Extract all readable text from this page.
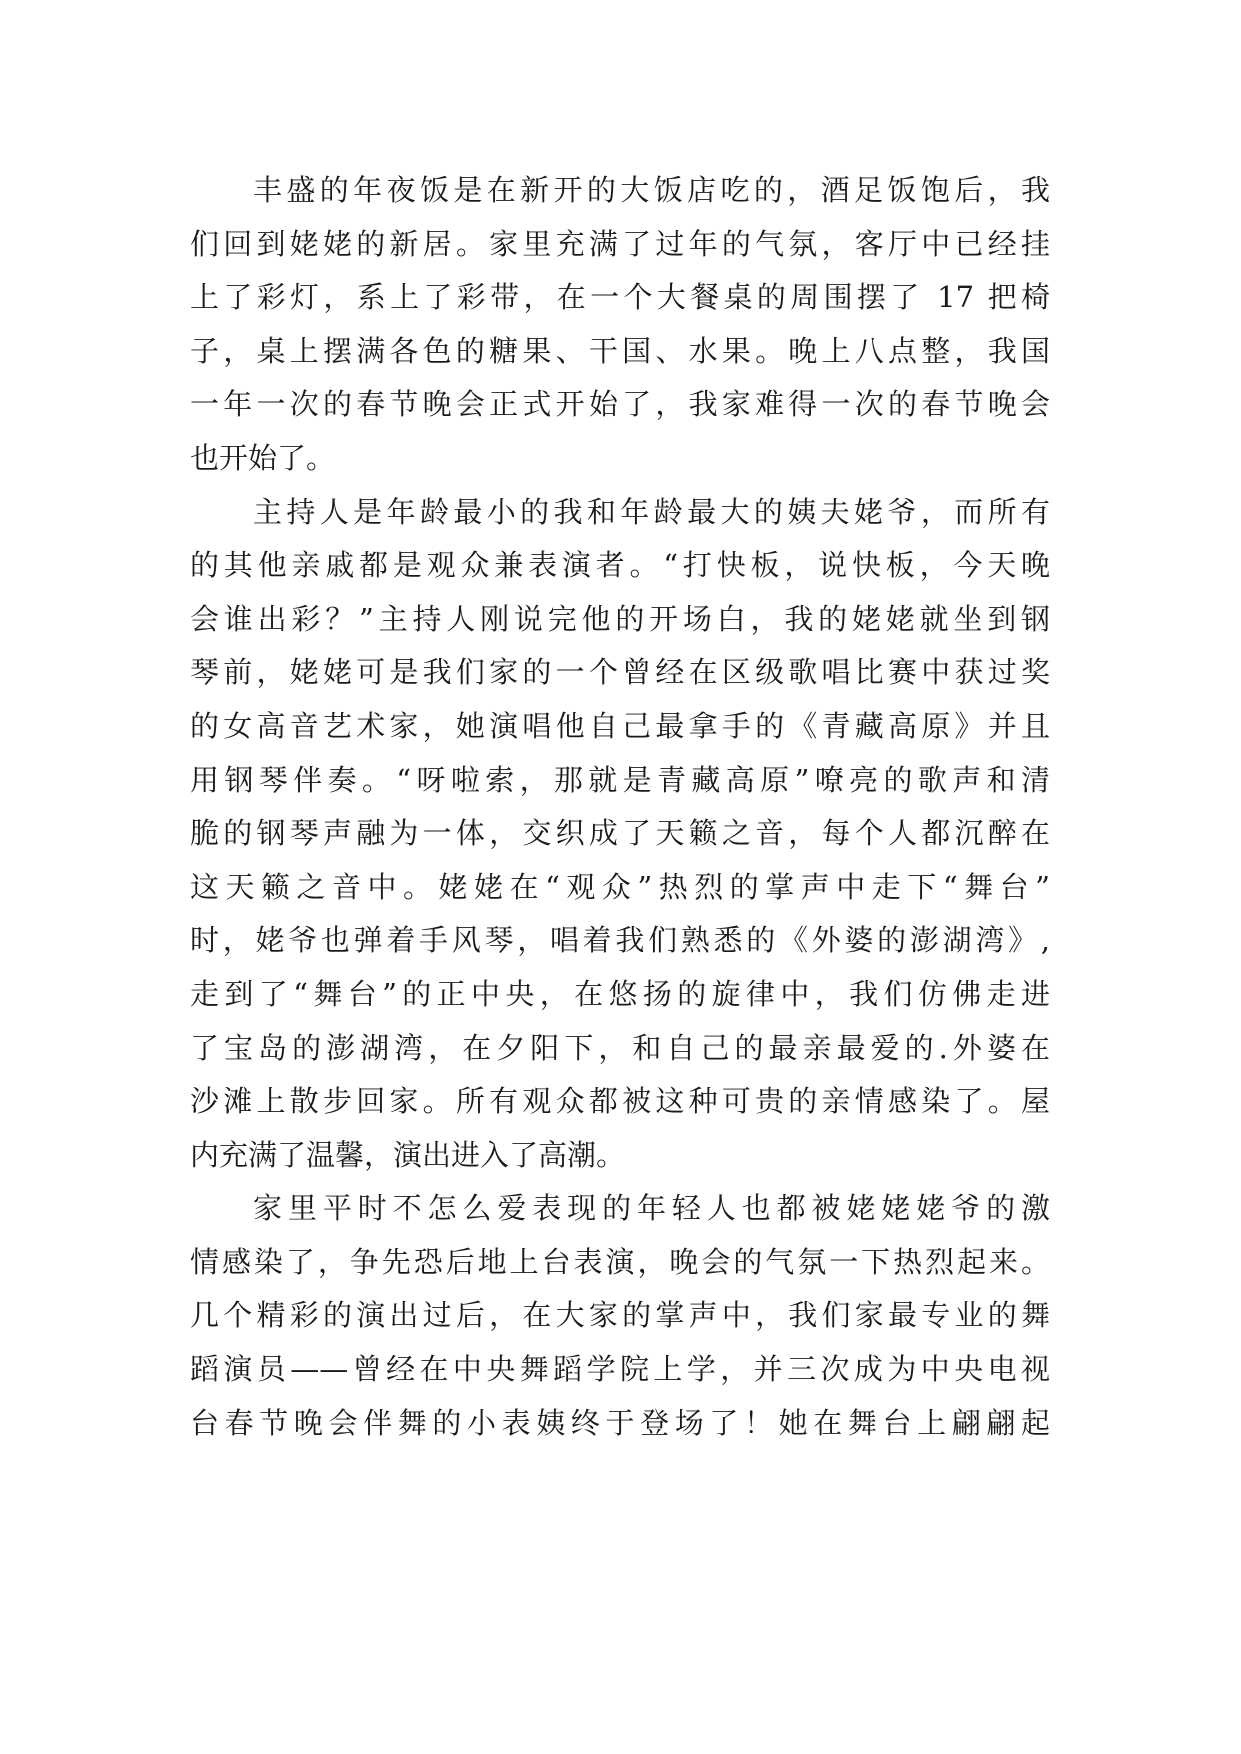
丰盛的年夜饭是在新开的大饭店吃的，酒足饭饱后，我
们回到姥姥的新居。家里充满了过年的气氛，客厅中已经挂
上了彩灯，系上了彩带，在一个大餐桌的周围摆了 17 把椅
子，桌上摆满各色的糖果、干国、水果。晚上八点整，我国
一年一次的春节晚会正式开始了，我家难得一次的春节晚会
也开始了。
主持人是年龄最小的我和年龄最大的姨夫姥爷，而所有
的其他亲戚都是观众兼表演者。“打快板，说快板，今天晚
会谁出彩？”主持人刚说完他的开场白，我的姥姥就坐到钢
琴前，姥姥可是我们家的一个曾经在区级歌唱比赛中获过奖
的女高音艺术家，她演唱他自己最拿手的《青藏高原》并且
用钢琴伴奏。“呀啦索，那就是青藏高原”嘹亮的歌声和清
脆的钢琴声融为一体，交织成了天籁之音，每个人都沉醉在
这天籁之音中。姥姥在“观众”热烈的掌声中走下“舞台”
时，姥爷也弹着手风琴，唱着我们熟悉的《外婆的澎湖湾》,
走到了“舞台”的正中央，在悠扬的旋律中，我们仿佛走进
了宝岛的澎湖湾，在夕阳下，和自己的最亲最爱的.外婆在
沙滩上散步回家。所有观众都被这种可贵的亲情感染了。屋
内充满了温馨，演出进入了高潮。
家里平时不怎么爱表现的年轻人也都被姥姥姥爷的激
情感染了，争先恐后地上台表演，晚会的气氛一下热烈起来。
几个精彩的演出过后，在大家的掌声中，我们家最专业的舞
蹈演员——曾经在中央舞蹈学院上学，并三次成为中央电视
台春节晚会伴舞的小表姨终于登场了！她在舞台上翩翩起
